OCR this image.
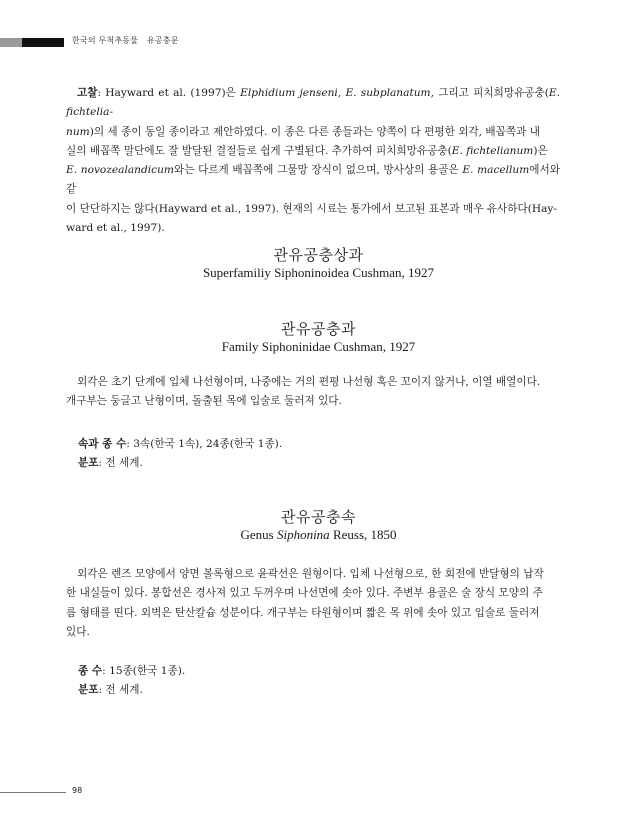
한국의 무척추동물 유공충문
고찰: Hayward et al. (1997)은 Elphidium jenseni, E. subplanatum, 그리고 피치희망유공충(E. fichtelia-
num)의 세 종이 동일 종이라고 제안하였다. 이 종은 다른 종들과는 양쪽이 다 편평한 외각, 배꼽쪽과 내
실의 배꼽쪽 말단에도 잘 발달된 결절들로 쉽게 구별된다. 추가하여 피치희망유공충(E. fichtelianum)은
E. novozealandicum와는 다르게 배꼽쪽에 그물망 장식이 없으며, 방사상의 용골은 E. macellum에서와 같
이 단단하지는 않다(Hayward et al., 1997). 현재의 시료는 통가에서 보고된 표본과 매우 유사하다(Hay-
ward et al., 1997).
관유공충상과
Superfamiliy Siphoninoidea Cushman, 1927
관유공충과
Family Siphoninidae Cushman, 1927
외각은 초기 단계에 입체 나선형이며, 나중에는 거의 편평 나선형 혹은 꼬이지 않거나, 이열 배열이다.
개구부는 둥글고 난형이며, 돌출된 목에 입술로 둘러져 있다.
속과 종 수: 3속(한국 1속), 24종(한국 1종).
분포: 전 세계.
관유공충속
Genus Siphonina Reuss, 1850
외각은 렌즈 모양에서 양면 볼록형으로 윤곽선은 원형이다. 입체 나선형으로, 한 회전에 반달형의 납작
한 내실들이 있다. 봉합선은 경사져 있고 두꺼우며 나선면에 솟아 있다. 주변부 용골은 술 장식 모양의 주
름 형태를 띤다. 외벽은 탄산칼슘 성분이다. 개구부는 타원형이며 짧은 목 위에 솟아 있고 입술로 둘러져
있다.
종 수: 15종(한국 1종).
분포: 전 세계.
98
